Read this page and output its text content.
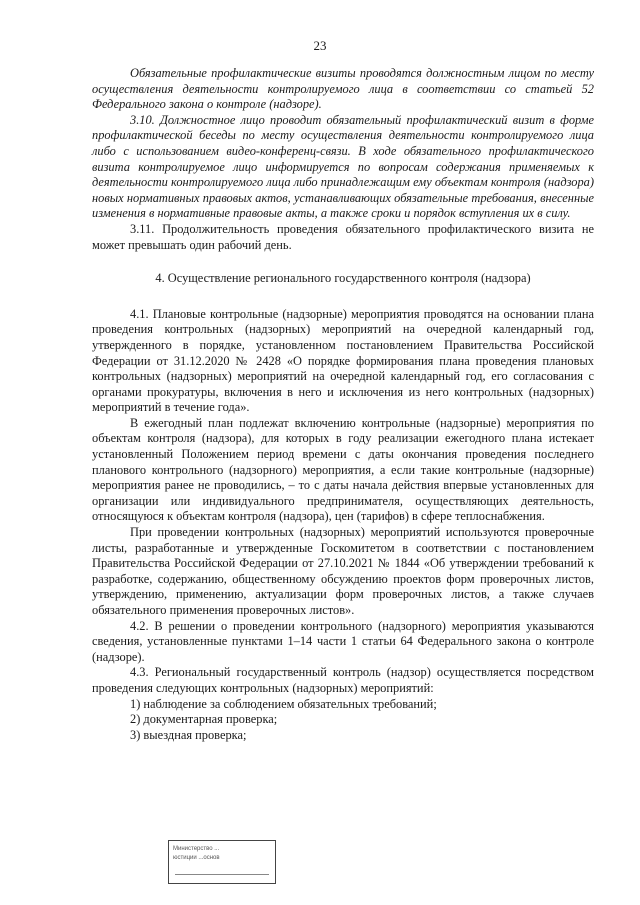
23

Обязательные профилактические визиты проводятся должностным лицом по месту осуществления деятельности контролируемого лица в соответствии со статьей 52 Федерального закона о контроле (надзоре).

3.10. Должностное лицо проводит обязательный профилактический визит в форме профилактической беседы по месту осуществления деятельности контролируемого лица либо с использованием видео-конференц-связи. В ходе обязательного профилактического визита контролируемое лицо информируется по вопросам содержания применяемых к деятельности контролируемого лица либо принадлежащим ему объектам контроля (надзора) новых нормативных правовых актов, устанавливающих обязательные требования, внесенные изменения в нормативные правовые акты, а также сроки и порядок вступления их в силу.

3.11. Продолжительность проведения обязательного профилактического визита не может превышать один рабочий день.

4. Осуществление регионального государственного контроля (надзора)

4.1. Плановые контрольные (надзорные) мероприятия проводятся на основании плана проведения контрольных (надзорных) мероприятий на очередной календарный год, утвержденного в порядке, установленном постановлением Правительства Российской Федерации от 31.12.2020 № 2428 «О порядке формирования плана проведения плановых контрольных (надзорных) мероприятий на очередной календарный год, его согласования с органами прокуратуры, включения в него и исключения из него контрольных (надзорных) мероприятий в течение года».

В ежегодный план подлежат включению контрольные (надзорные) мероприятия по объектам контроля (надзора), для которых в году реализации ежегодного плана истекает установленный Положением период времени с даты окончания проведения последнего планового контрольного (надзорного) мероприятия, а если такие контрольные (надзорные) мероприятия ранее не проводились, – то с даты начала действия впервые установленных для организации или индивидуального предпринимателя, осуществляющих деятельность, относящуюся к объектам контроля (надзора), цен (тарифов) в сфере теплоснабжения.

При проведении контрольных (надзорных) мероприятий используются проверочные листы, разработанные и утвержденные Госкомитетом в соответствии с постановлением Правительства Российской Федерации от 27.10.2021 № 1844 «Об утверждении требований к разработке, содержанию, общественному обсуждению проектов форм проверочных листов, утверждению, применению, актуализации форм проверочных листов, а также случаев обязательного применения проверочных листов».

4.2. В решении о проведении контрольного (надзорного) мероприятия указываются сведения, установленные пунктами 1–14 части 1 статьи 64 Федерального закона о контроле (надзоре).

4.3. Региональный государственный контроль (надзор) осуществляется посредством проведения следующих контрольных (надзорных) мероприятий:

1) наблюдение за соблюдением обязательных требований;

2) документарная проверка;

3) выездная проверка;

Министерство ...
юстиции ...основ
